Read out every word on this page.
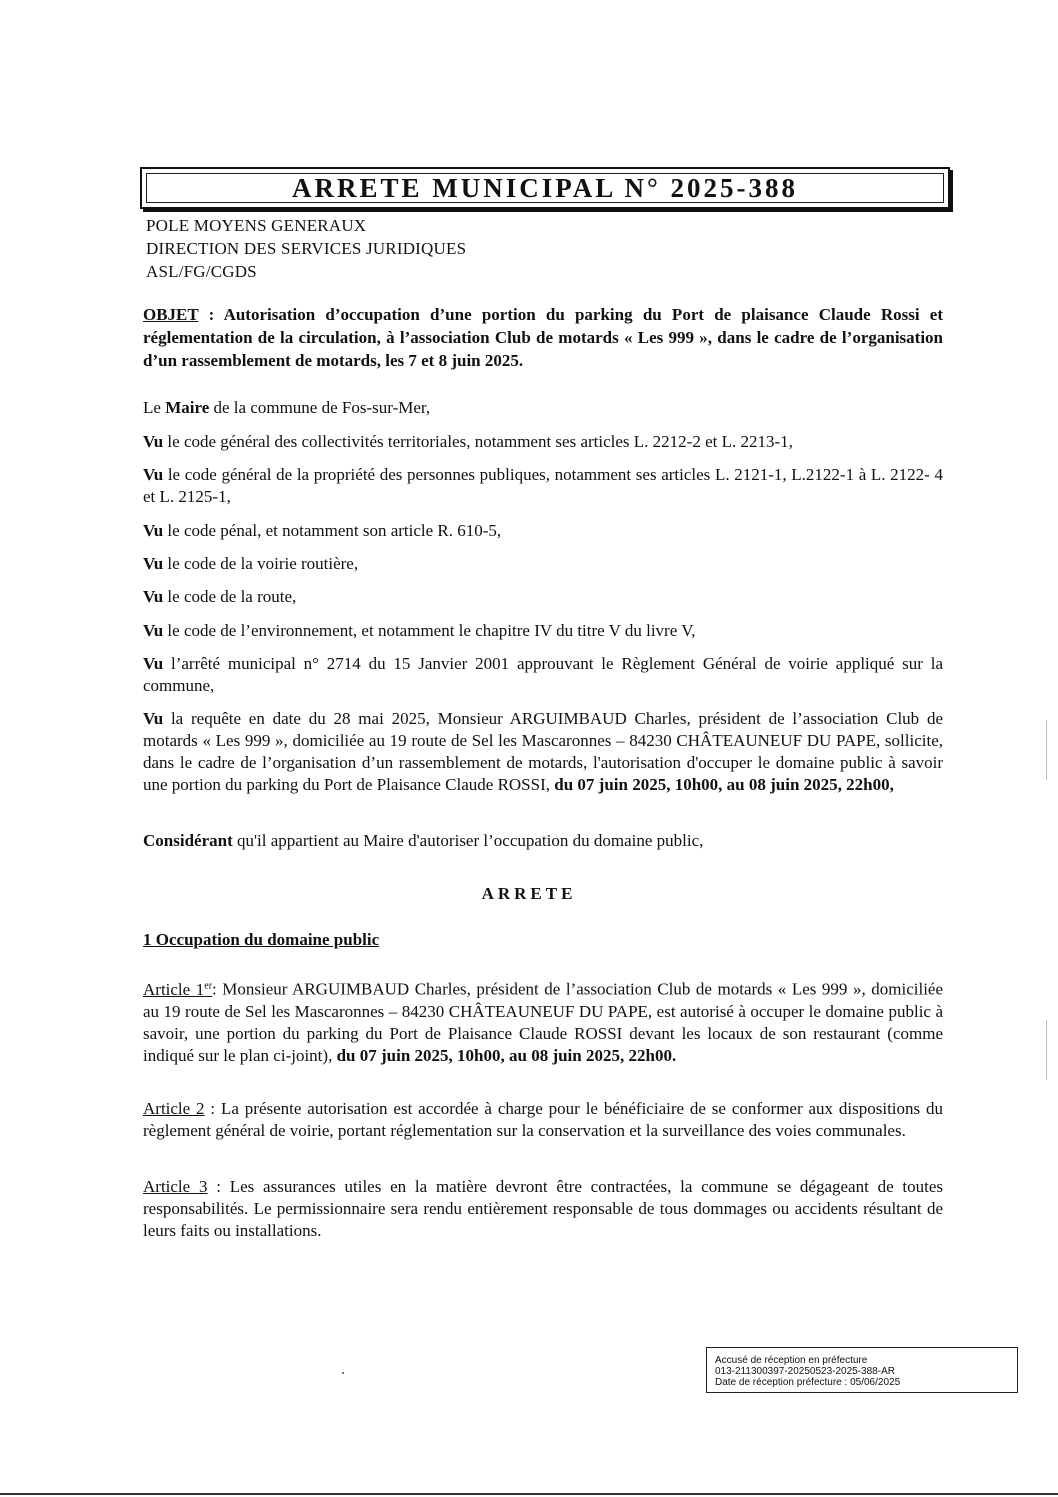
ARRETE MUNICIPAL N° 2025-388
POLE MOYENS GENERAUX
DIRECTION DES SERVICES JURIDIQUES
ASL/FG/CGDS
OBJET : Autorisation d’occupation d’une portion du parking du Port de plaisance Claude Rossi et réglementation de la circulation, à l’association Club de motards « Les 999 », dans le cadre de l’organisation d’un rassemblement de motards, les 7 et 8 juin 2025.
Le Maire de la commune de Fos-sur-Mer,
Vu le code général des collectivités territoriales, notamment ses articles L. 2212-2 et L. 2213-1,
Vu le code général de la propriété des personnes publiques, notamment ses articles L. 2121-1, L.2122-1 à L. 2122- 4 et L. 2125-1,
Vu le code pénal, et notamment son article R. 610-5,
Vu le code de la voirie routière,
Vu le code de la route,
Vu le code de l’environnement, et notamment le chapitre IV du titre V du livre V,
Vu l’arrêté municipal n° 2714 du 15 Janvier 2001 approuvant le Règlement Général de voirie appliqué sur la commune,
Vu la requête en date du 28 mai 2025, Monsieur ARGUIMBAUD Charles, président de l’association Club de motards « Les 999 », domiciliée au 19 route de Sel les Mascaronnes – 84230 CHÂTEAUNEUF DU PAPE, sollicite, dans le cadre de l’organisation d’un rassemblement de motards, l'autorisation d'occuper le domaine public à savoir une portion du parking du Port de Plaisance Claude ROSSI, du 07 juin 2025, 10h00, au 08 juin 2025, 22h00,
Considérant qu'il appartient au Maire d'autoriser l’occupation du domaine public,
ARRETE
1 Occupation du domaine public
Article 1er: Monsieur ARGUIMBAUD Charles, président de l’association Club de motards « Les 999 », domiciliée au 19 route de Sel les Mascaronnes – 84230 CHÂTEAUNEUF DU PAPE, est autorisé à occuper le domaine public à savoir, une portion du parking du Port de Plaisance Claude ROSSI devant les locaux de son restaurant (comme indiqué sur le plan ci-joint), du 07 juin 2025, 10h00, au 08 juin 2025, 22h00.
Article 2 : La présente autorisation est accordée à charge pour le bénéficiaire de se conformer aux dispositions du règlement général de voirie, portant réglementation sur la conservation et la surveillance des voies communales.
Article 3 : Les assurances utiles en la matière devront être contractées, la commune se dégageant de toutes responsabilités. Le permissionnaire sera rendu entièrement responsable de tous dommages ou accidents résultant de leurs faits ou installations.
Accusé de réception en préfecture
013-211300397-20250523-2025-388-AR
Date de réception préfecture : 05/06/2025
